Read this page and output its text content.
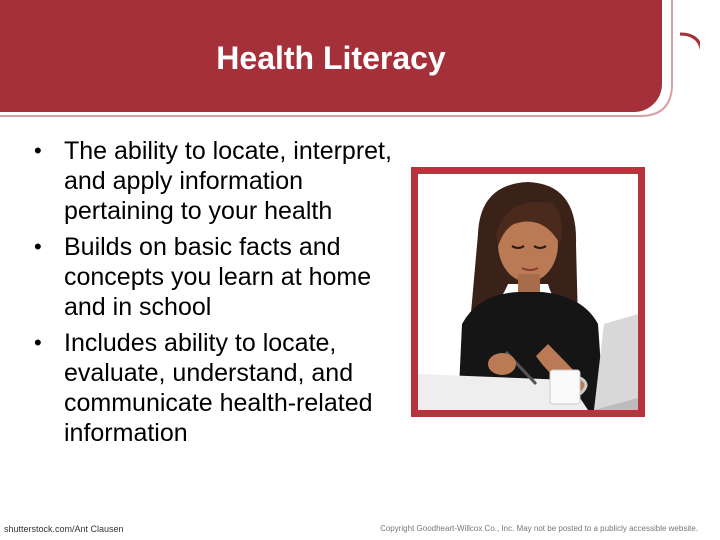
Health Literacy
• The ability to locate, interpret, and apply information pertaining to your health
• Builds on basic facts and concepts you learn at home and in school
• Includes ability to locate, evaluate, understand, and communicate health-related information
shutterstock.com/Ant Clausen	Copyright Goodheart-Willcox Co., Inc. May not be posted to a publicly accessible website.
